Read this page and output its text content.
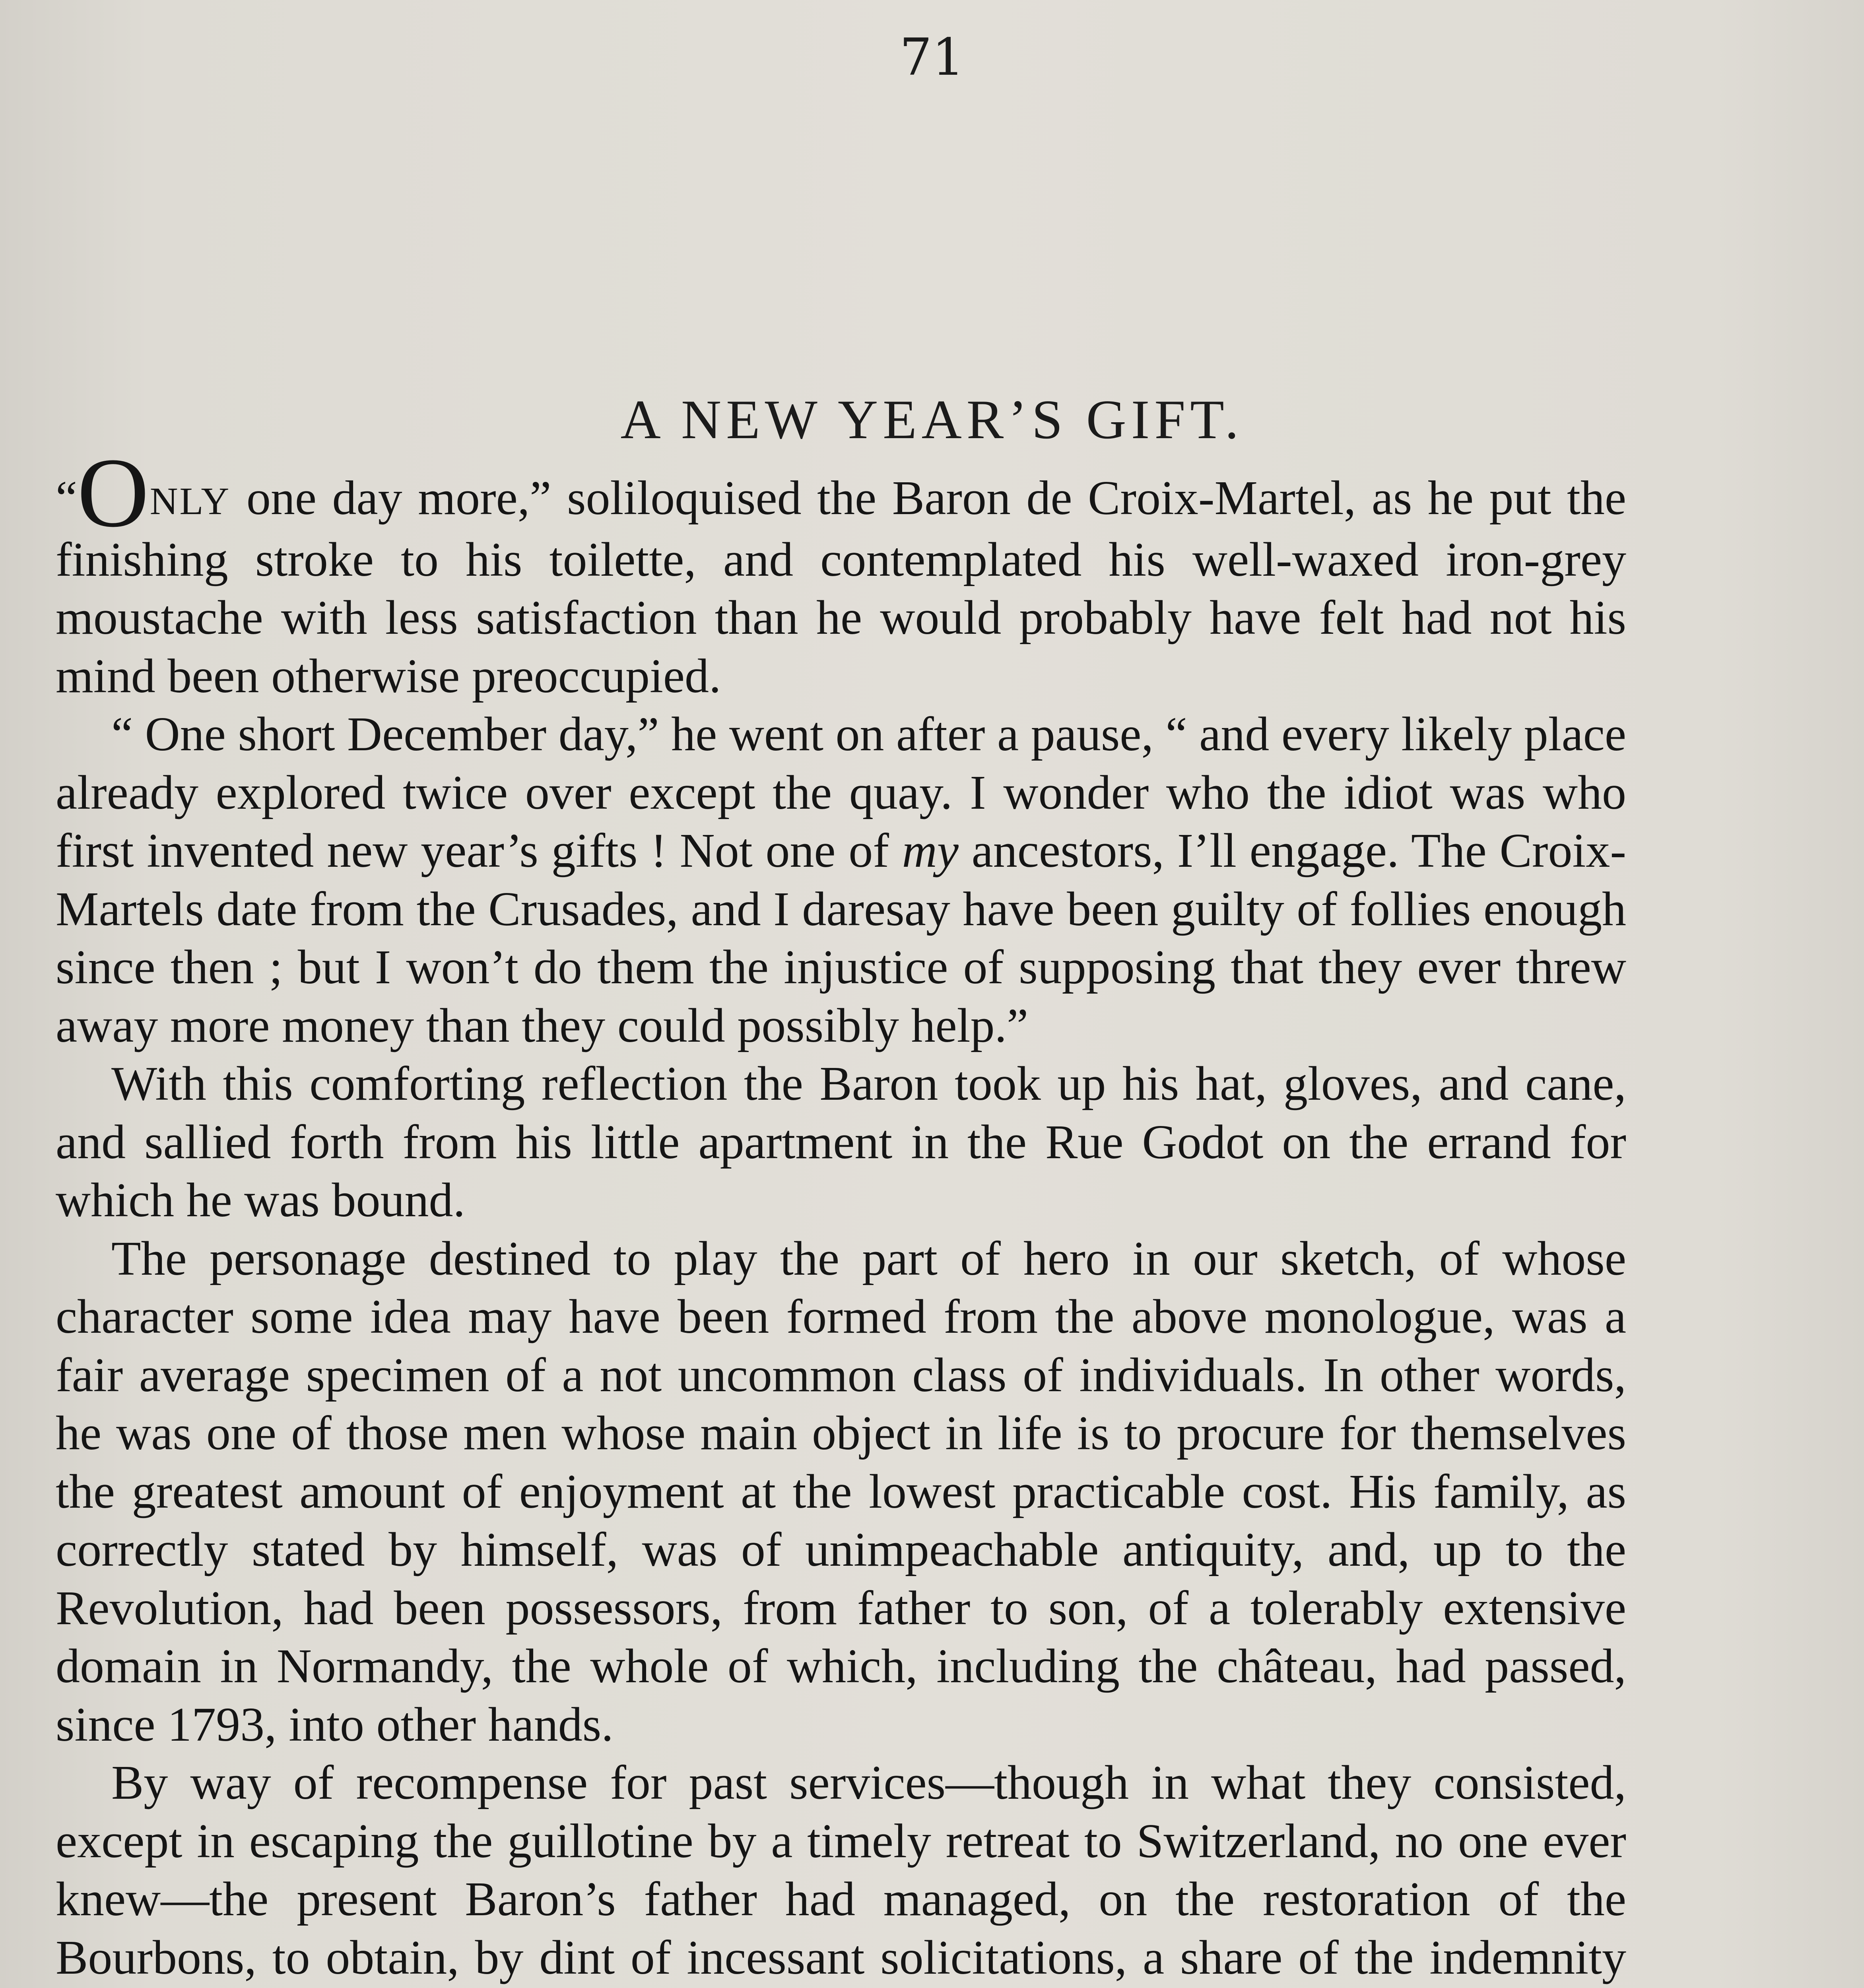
71
A NEW YEAR’S GIFT.

“ONLY one day more,” soliloquised the Baron de Croix-Martel, as he put the finishing stroke to his toilette, and contemplated his well-waxed iron-grey moustache with less satisfaction than he would probably have felt had not his mind been otherwise preoccupied.

“ One short December day,” he went on after a pause, “ and every likely place already explored twice over except the quay. I wonder who the idiot was who first invented new year’s gifts ! Not one of my ancestors, I’ll engage. The Croix-Martels date from the Crusades, and I daresay have been guilty of follies enough since then ; but I won’t do them the injustice of supposing that they ever threw away more money than they could possibly help.”

With this comforting reflection the Baron took up his hat, gloves, and cane, and sallied forth from his little apartment in the Rue Godot on the errand for which he was bound.

The personage destined to play the part of hero in our sketch, of whose character some idea may have been formed from the above monologue, was a fair average specimen of a not uncommon class of individuals. In other words, he was one of those men whose main object in life is to procure for themselves the greatest amount of enjoyment at the lowest practicable cost. His family, as correctly stated by himself, was of unimpeachable antiquity, and, up to the Revolution, had been possessors, from father to son, of a tolerably extensive domain in Normandy, the whole of which, including the château, had passed, since 1793, into other hands.

By way of recompense for past services—though in what they consisted, except in escaping the guillotine by a timely retreat to Switzerland, no one ever knew—the present Baron’s father had managed, on the restoration of the Bourbons, to obtain, by dint of incessant solicitations, a share of the indemnity
